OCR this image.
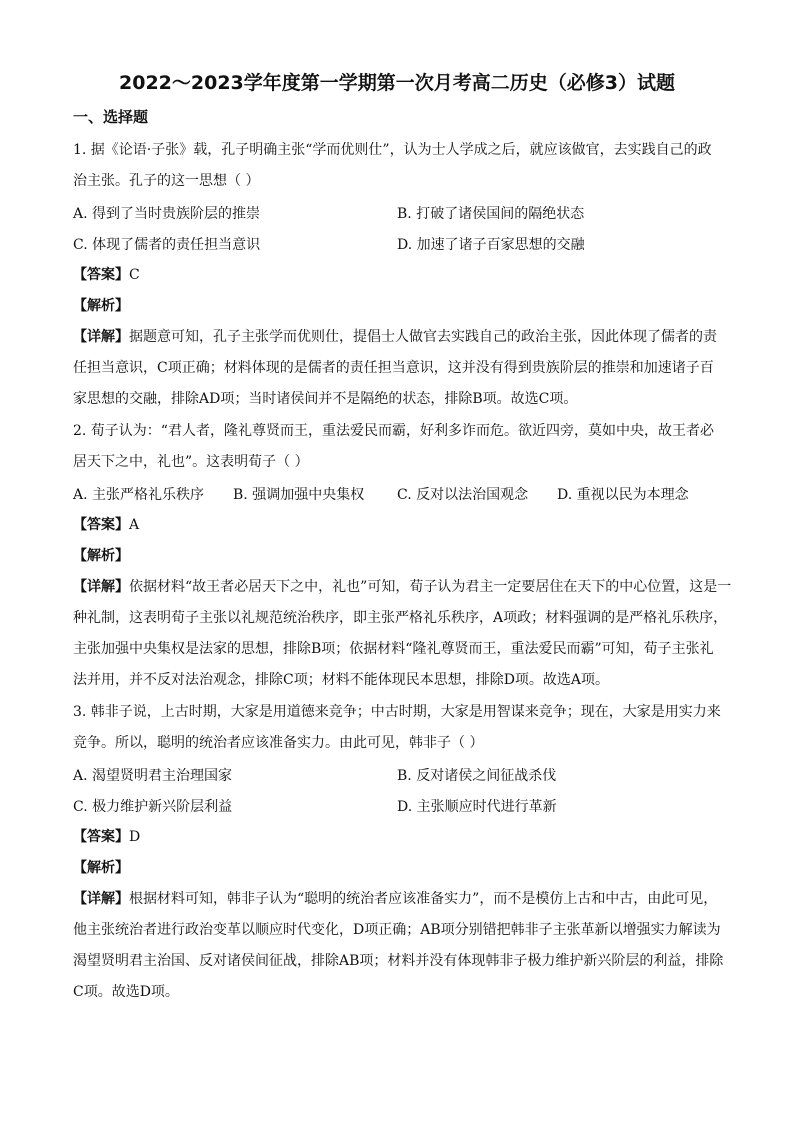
2022～2023学年度第一学期第一次月考高二历史（必修3）试题
一、选择题
1. 据《论语·子张》载，孔子明确主张“学而优则仕”，认为士人学成之后，就应该做官，去实践自己的政
治主张。孔子的这一思想（ ）
A. 得到了当时贵族阶层的推崇	B. 打破了诸侯国间的隔绝状态
C. 体现了儒者的责任担当意识	D. 加速了诸子百家思想的交融
【答案】C
【解析】
【详解】据题意可知，孔子主张学而优则仕，提倡士人做官去实践自己的政治主张，因此体现了儒者的责
任担当意识，C项正确；材料体现的是儒者的责任担当意识，这并没有得到贵族阶层的推崇和加速诸子百
家思想的交融，排除AD项；当时诸侯间并不是隔绝的状态，排除B项。故选C项。
2. 荀子认为：“君人者，隆礼尊贤而王，重法爱民而霸，好利多诈而危。欲近四旁，莫如中央，故王者必
居天下之中，礼也”。这表明荀子（ ）
A. 主张严格礼乐秩序 B. 强调加强中央集权 C. 反对以法治国观念 D. 重视以民为本理念
【答案】A
【解析】
【详解】依据材料“故王者必居天下之中，礼也”可知，荀子认为君主一定要居住在天下的中心位置，这是一
种礼制，这表明荀子主张以礼规范统治秩序，即主张严格礼乐秩序，A项政；材料强调的是严格礼乐秩序，
主张加强中央集权是法家的思想，排除B项；依据材料“隆礼尊贤而王，重法爱民而霸”可知，荀子主张礼
法并用，并不反对法治观念，排除C项；材料不能体现民本思想，排除D项。故选A项。
3. 韩非子说，上古时期，大家是用道德来竞争；中古时期，大家是用智谋来竞争；现在，大家是用实力来
竞争。所以，聪明的统治者应该准备实力。由此可见，韩非子（ ）
A. 渴望贤明君主治理国家	B. 反对诸侯之间征战杀伐
C. 极力维护新兴阶层利益	D. 主张顺应时代进行革新
【答案】D
【解析】
【详解】根据材料可知，韩非子认为“聪明的统治者应该准备实力”，而不是模仿上古和中古，由此可见，
他主张统治者进行政治变革以顺应时代变化，D项正确；AB项分别错把韩非子主张革新以增强实力解读为
渴望贤明君主治国、反对诸侯间征战，排除AB项；材料并没有体现韩非子极力维护新兴阶层的利益，排除
C项。故选D项。
